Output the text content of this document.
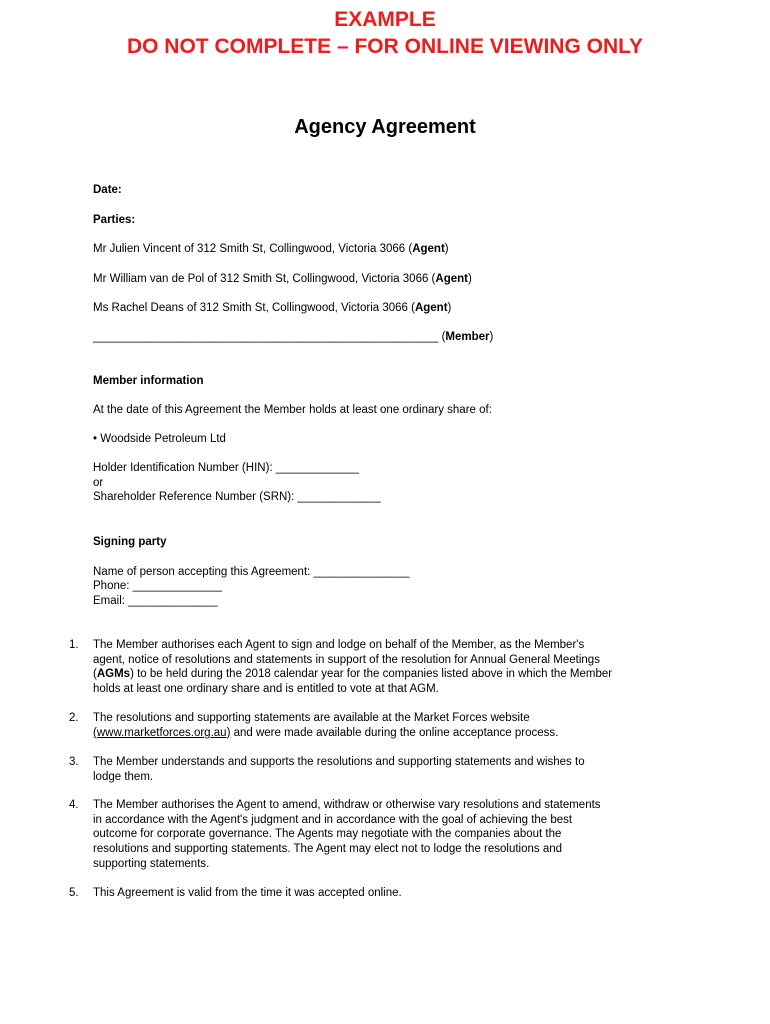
EXAMPLE
DO NOT COMPLETE – FOR ONLINE VIEWING ONLY
Agency Agreement
Date:
Parties:
Mr Julien Vincent of 312 Smith St, Collingwood, Victoria 3066 (Agent)
Mr William van de Pol of 312 Smith St, Collingwood, Victoria 3066 (Agent)
Ms Rachel Deans of 312 Smith St, Collingwood, Victoria 3066 (Agent)
______________________________________________________ (Member)
Member information
At the date of this Agreement the Member holds at least one ordinary share of:
• Woodside Petroleum Ltd
Holder Identification Number (HIN): _____________
or
Shareholder Reference Number (SRN): _____________
Signing party
Name of person accepting this Agreement: _______________
Phone: ______________
Email: ______________
1. The Member authorises each Agent to sign and lodge on behalf of the Member, as the Member's
agent, notice of resolutions and statements in support of the resolution for Annual General Meetings
(AGMs) to be held during the 2018 calendar year for the companies listed above in which the Member
holds at least one ordinary share and is entitled to vote at that AGM.
2. The resolutions and supporting statements are available at the Market Forces website
(www.marketforces.org.au) and were made available during the online acceptance process.
3. The Member understands and supports the resolutions and supporting statements and wishes to
lodge them.
4. The Member authorises the Agent to amend, withdraw or otherwise vary resolutions and statements
in accordance with the Agent's judgment and in accordance with the goal of achieving the best
outcome for corporate governance. The Agents may negotiate with the companies about the
resolutions and supporting statements. The Agent may elect not to lodge the resolutions and
supporting statements.
5. This Agreement is valid from the time it was accepted online.
